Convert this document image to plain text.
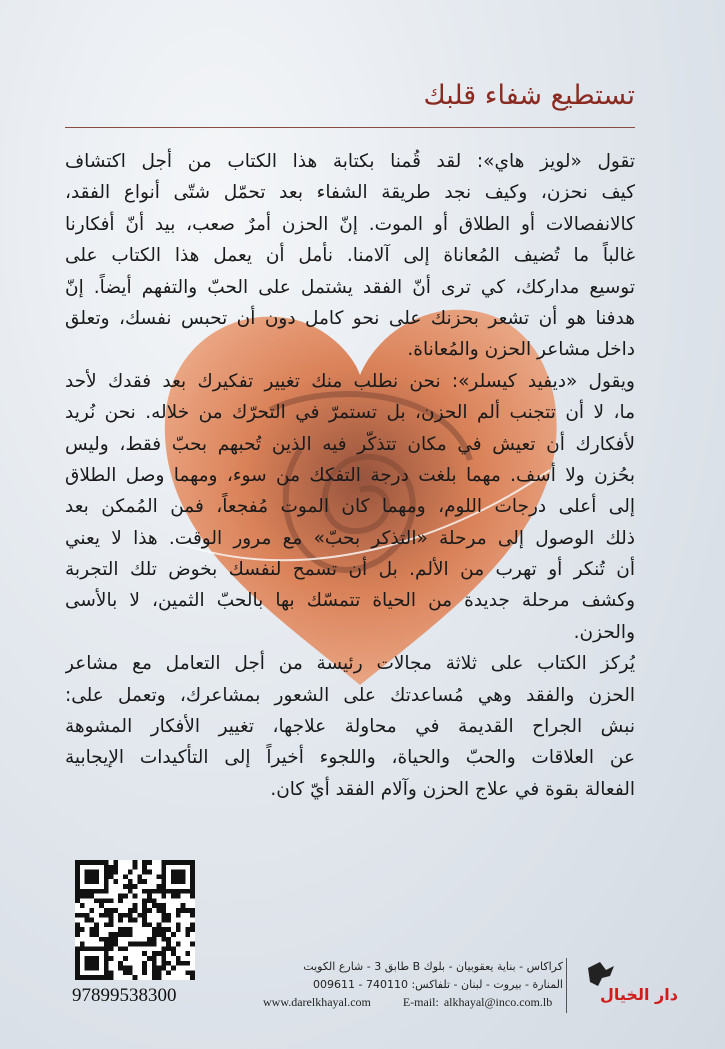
تستطيع شفاء قلبك
تقول «لويز هاي»: لقد قُمنا بكتابة هذا الكتاب من أجل اكتشاف
كيف نحزن، وكيف نجد طريقة الشفاء بعد تحمّل شتّى أنواع الفقد،
كالانفصالات أو الطلاق أو الموت. إنّ الحزن أمرٌ صعب، بيد أنّ أفكارنا
غالباً ما تُضيف المُعاناة إلى آلامنا. نأمل أن يعمل هذا الكتاب على
توسيع مداركك، كي ترى أنّ الفقد يشتمل على الحبّ والتفهم أيضاً. إنّ
هدفنا هو أن تشعر بحزنك على نحو كامل دون أن تحبس نفسك، وتعلق
داخل مشاعر الحزن والمُعاناة.
ويقول «ديفيد كيسلر»: نحن نطلب منك تغيير تفكيرك بعد فقدك لأحد
ما، لا أن تتجنب ألم الحزن، بل تستمرّ في التحرّك من خلاله. نحن نُريد
لأفكارك أن تعيش في مكان تتذكّر فيه الذين تُحبهم بحبّ فقط، وليس
بحُزن ولا أسف. مهما بلغت درجة التفكك من سوء، ومهما وصل الطلاق
إلى أعلى درجات اللوم، ومهما كان الموت مُفجعاً، فمن المُمكن بعد
ذلك الوصول إلى مرحلة «التذكر بحبّ» مع مرور الوقت. هذا لا يعني
أن تُنكر أو تهرب من الألم. بل أن تسمح لنفسك بخوض تلك التجربة
وكشف مرحلة جديدة من الحياة تتمسّك بها بالحبّ الثمين، لا بالأسى
والحزن.
يُركز الكتاب على ثلاثة مجالات رئيسة من أجل التعامل مع مشاعر
الحزن والفقد وهي مُساعدتك على الشعور بمشاعرك، وتعمل على:
نبش الجراح القديمة في محاولة علاجها، تغيير الأفكار المشوهة
عن العلاقات والحبّ والحياة، واللجوء أخيراً إلى التأكيدات الإيجابية
الفعالة بقوة في علاج الحزن وآلام الفقد أيّ كان.
97899538300
كراكاس - بناية يعقوبيان - بلوك B طابق 3 - شارع الكويت
المنارة - بيروت - لبنان - تلفاكس: 740110 - 009611
www.darelkhayal.com	E-mail: alkhayal@inco.com.lb	دار الخيال
